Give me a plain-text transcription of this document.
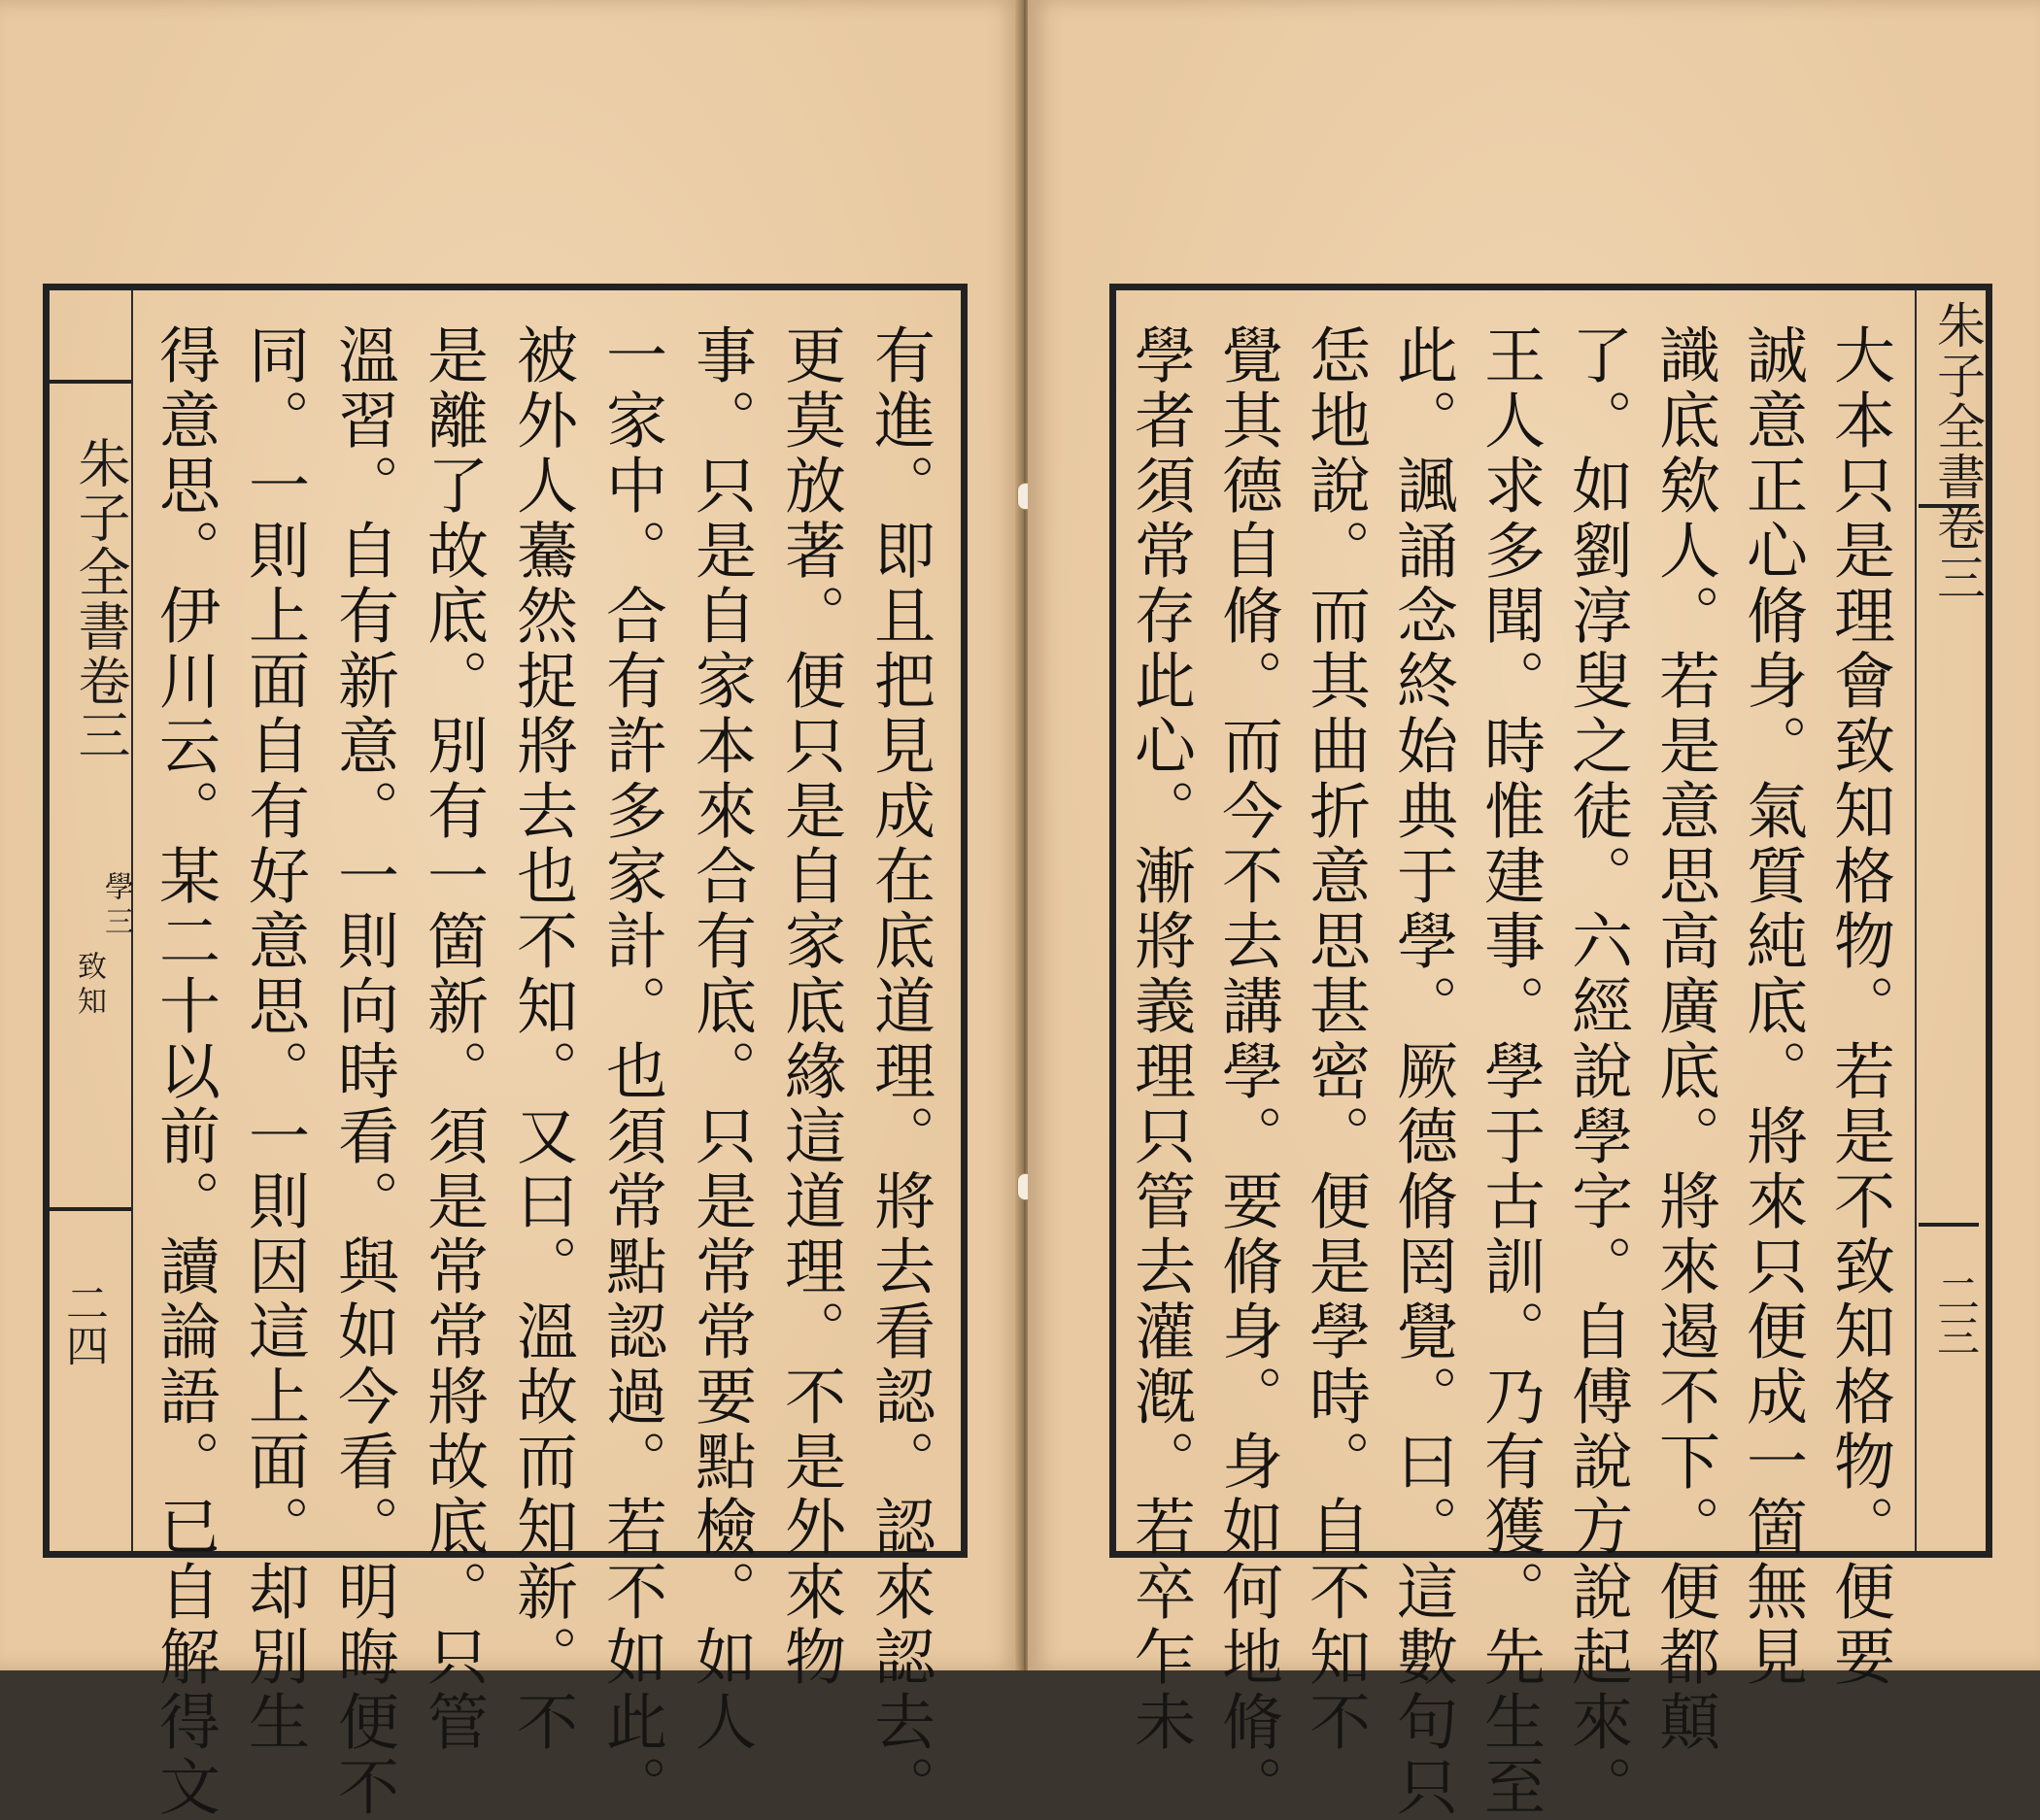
朱子全書卷三
學三
致知
二四 得意思。伊川云。某二十以前。讀論語。已自解得文 同。一則上面自有好意思。一則因這上面。却別生 溫習。自有新意。一則向時看。與如今看。明晦便不 是離了故底。別有一箇新。須是常常將故底。只管 被外人驀然捉將去也不知。又曰。溫故而知新。不 一家中。合有許多家計。也須常點認過。若不如此。 事。只是自家本來合有底。只是常常要點檢。如人 更莫放著。便只是自家底緣這道理。不是外來物 有進。即且把見成在底道理。將去看認。認來認去。	學者須常存此心。漸將義理只管去灌漑。若卒乍未 覺其德自脩。而今不去講學。要脩身。身如何地脩。 恁地說。而其曲折意思甚密。便是學時。自不知不 此。諷誦念終始典于學。厥德脩罔覺。曰。這數句只 王人求多聞。時惟建事。學于古訓。乃有獲。先生至 了。如劉淳叟之徒。六經說學字。自傅說方說起來。 識底欸人。若是意思高廣底。將來遏不下。便都顛 誠意正心脩身。氣質純底。將來只便成一箇無見 大本只是理會致知格物。若是不致知格物。便要 朱子全書卷三
二三
